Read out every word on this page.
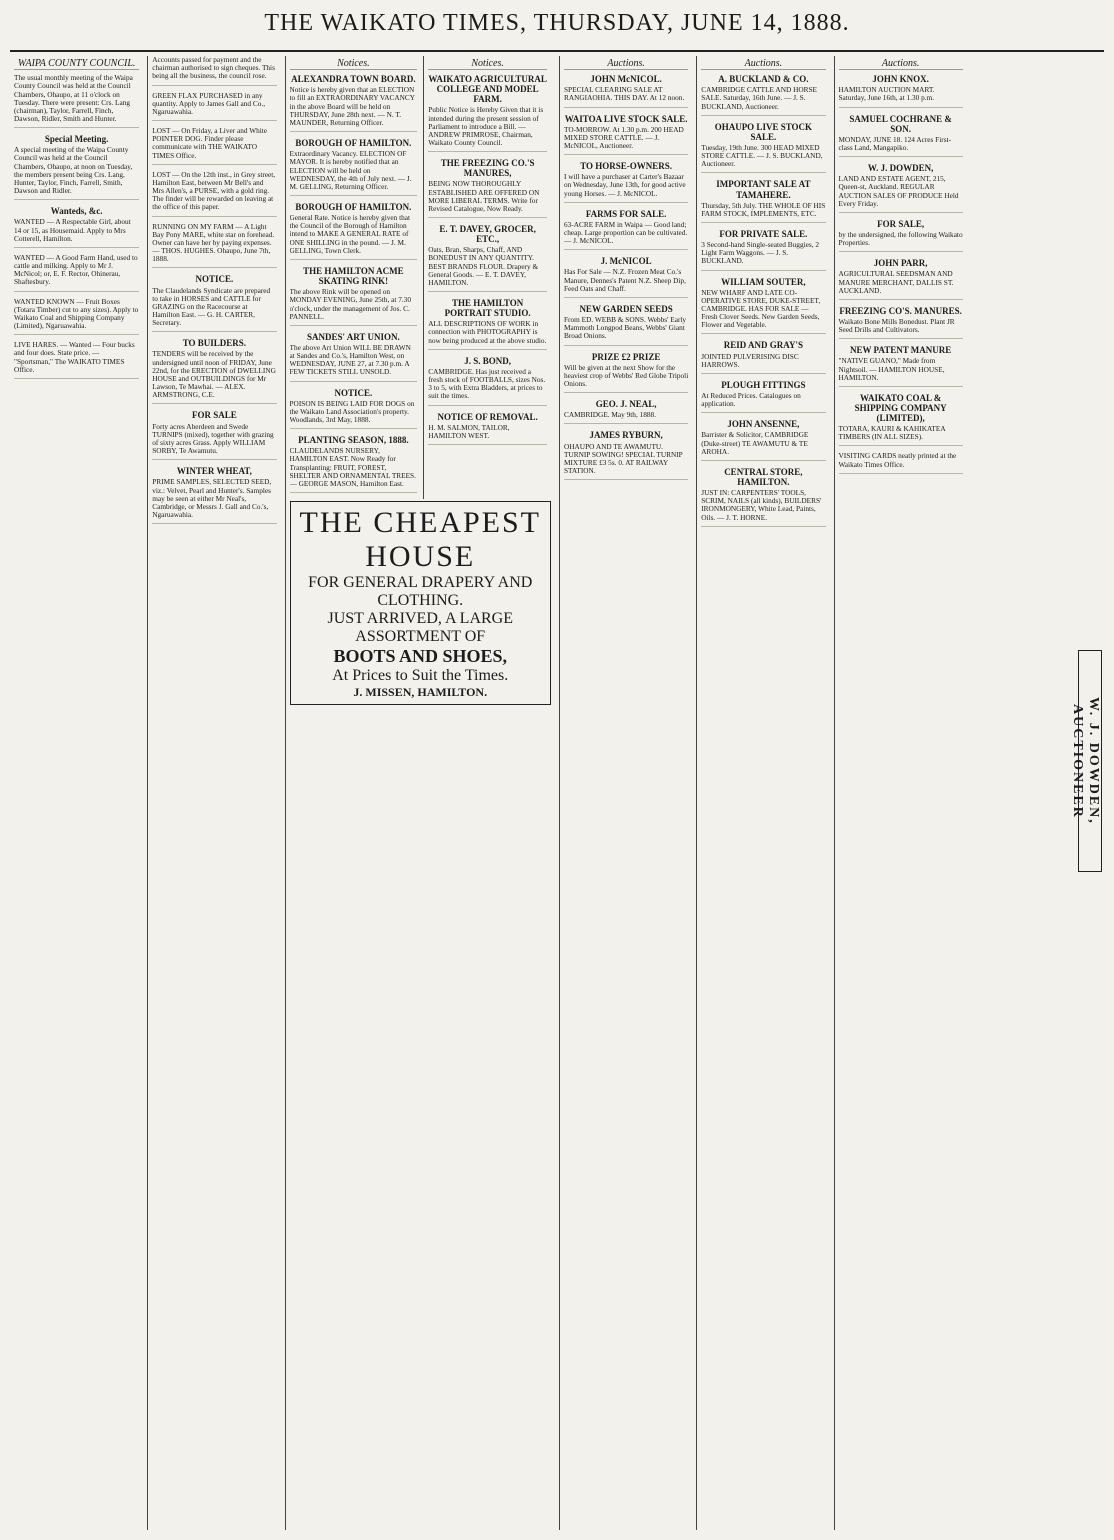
THE WAIKATO TIMES, THURSDAY, JUNE 14, 1888.
WAIPA COUNTY COUNCIL.
The usual monthly meeting of the Waipa County Council was held at the Council Chambers, Ohaupo, at 11 o'clock on Tuesday. There were present: Crs. Lang (chairman), Taylor, Farrell, Finch, Dawson, Ridler, Smith and Hunter.
Special Meeting.
A special meeting of the Waipa County Council was held at the Council Chambers, Ohaupo, at noon on Tuesday, the members present being Crs. Lang, Hunter, Taylor, Finch, Farrell, Smith, Dawson and Ridler.
Wanteds, &c.
WANTED — A Respectable Girl, about 14 or 15, as Housemaid. Apply to Mrs Cotterell, Hamilton.
WANTED — A Good Farm Hand, used to cattle and milking. Apply to Mr J. McNicol; or, E. F. Rector, Ohinerau, Shaftesbury.
WANTED KNOWN — Fruit Boxes (Totara Timber) cut to any sizes). Apply to Waikato Coal and Shipping Company (Limited), Ngaruawahia.
LIVE HARES. — Wanted — Four bucks and four does. State price. — "Sportsman," The WAIKATO TIMES Office.
Accounts passed for payment and the chairman authorised to sign cheques. This being all the business, the council rose.
GREEN FLAX PURCHASED in any quantity. Apply to James Gall and Co., Ngaruawahia.
LOST — On Friday, a Liver and White POINTER DOG. Finder please communicate with THE WAIKATO TIMES Office.
LOST — On the 12th inst., in Grey street, Hamilton East, between Mr Bell's and Mrs Allen's, a PURSE, with a gold ring. The finder will be rewarded on leaving at the office of this paper.
RUNNING ON MY FARM — A Light Bay Pony MARE, white star on forehead. Owner can have her by paying expenses. — THOS. HUGHES. Ohaupo, June 7th, 1888.
NOTICE.
The Claudelands Syndicate are prepared to take in HORSES and CATTLE for GRAZING on the Racecourse at Hamilton East. — G. H. CARTER, Secretary.
TO BUILDERS.
TENDERS will be received by the undersigned until noon of FRIDAY, June 22nd, for the ERECTION of DWELLING HOUSE and OUTBUILDINGS for Mr Lawson, Te Mawhai. — ALEX. ARMSTRONG, C.E.
FOR SALE
Forty acres Aberdeen and Swede TURNIPS (mixed), together with grazing of sixty acres Grass. Apply WILLIAM SORBY, Te Awamutu.
WINTER WHEAT,
PRIME SAMPLES, SELECTED SEED, viz.: Velvet, Pearl and Hunter's. Samples may be seen at either Mr Neal's, Cambridge, or Messrs J. Gall and Co.'s, Ngaruawahia.
Notices.
ALEXANDRA TOWN BOARD.
Notice is hereby given that an ELECTION to fill an EXTRAORDINARY VACANCY in the above Board will be held on THURSDAY, June 28th next. — N. T. MAUNDER, Returning Officer.
BOROUGH OF HAMILTON.
Extraordinary Vacancy. ELECTION OF MAYOR. It is hereby notified that an ELECTION will be held on WEDNESDAY, the 4th of July next. — J. M. GELLING, Returning Officer.
BOROUGH OF HAMILTON.
General Rate. Notice is hereby given that the Council of the Borough of Hamilton intend to MAKE A GENERAL RATE of ONE SHILLING in the pound. — J. M. GELLING, Town Clerk.
THE HAMILTON ACME SKATING RINK!
The above Rink will be opened on MONDAY EVENING, June 25th, at 7.30 o'clock, under the management of Jos. C. PANNELL.
SANDES' ART UNION.
The above Art Union WILL BE DRAWN at Sandes and Co.'s, Hamilton West, on WEDNESDAY, JUNE 27, at 7.30 p.m. A FEW TICKETS STILL UNSOLD.
NOTICE.
POISON IS BEING LAID FOR DOGS on the Waikato Land Association's property. Woodlands, 3rd May, 1888.
PLANTING SEASON, 1888.
CLAUDELANDS NURSERY, HAMILTON EAST. Now Ready for Transplanting: FRUIT, FOREST, SHELTER AND ORNAMENTAL TREES. — GEORGE MASON, Hamilton East.
Notices.
WAIKATO AGRICULTURAL COLLEGE AND MODEL FARM.
Public Notice is Hereby Given that it is intended during the present session of Parliament to introduce a Bill. — ANDREW PRIMROSE, Chairman, Waikato County Council.
THE FREEZING CO.'S MANURES,
BEING NOW THOROUGHLY ESTABLISHED ARE OFFERED ON MORE LIBERAL TERMS. Write for Revised Catalogue, Now Ready.
E. T. DAVEY, GROCER, ETC.,
Oats, Bran, Sharps, Chaff, AND BONEDUST IN ANY QUANTITY. BEST BRANDS FLOUR. Drapery & General Goods. — E. T. DAVEY, HAMILTON.
THE HAMILTON PORTRAIT STUDIO.
ALL DESCRIPTIONS OF WORK in connection with PHOTOGRAPHY is now being produced at the above studio.
J. S. BOND,
CAMBRIDGE. Has just received a fresh stock of FOOTBALLS, sizes Nos. 3 to 5, with Extra Bladders, at prices to suit the times.
NOTICE OF REMOVAL.
H. M. SALMON, TAILOR, HAMILTON WEST.
THE CHEAPEST HOUSE
FOR GENERAL DRAPERY AND CLOTHING.
JUST ARRIVED, A LARGE ASSORTMENT OF
BOOTS AND SHOES,
At Prices to Suit the Times.
J. MISSEN, HAMILTON.
Auctions.
JOHN McNICOL.
SPECIAL CLEARING SALE AT RANGIAOHIA. THIS DAY. At 12 noon.
WAITOA LIVE STOCK SALE.
TO-MORROW. At 1.30 p.m. 200 HEAD MIXED STORE CATTLE. — J. McNICOL, Auctioneer.
TO HORSE-OWNERS.
I will have a purchaser at Carter's Bazaar on Wednesday, June 13th, for good active young Horses. — J. McNICOL.
FARMS FOR SALE.
63-ACRE FARM in Waipa — Good land; cheap. Large proportion can be cultivated. — J. McNICOL.
J. McNICOL
Has For Sale — N.Z. Frozen Meat Co.'s Manure, Dennes's Patent N.Z. Sheep Dip, Feed Oats and Chaff.
NEW GARDEN SEEDS
From ED. WEBB & SONS. Webbs' Early Mammoth Longpod Beans, Webbs' Giant Broad Onions.
PRIZE £2 PRIZE
Will be given at the next Show for the heaviest crop of Webbs' Red Globe Tripoli Onions.
GEO. J. NEAL,
CAMBRIDGE. May 9th, 1888.
JAMES RYBURN,
OHAUPO AND TE AWAMUTU. TURNIP SOWING! SPECIAL TURNIP MIXTURE £3 5s. 0. AT RAILWAY STATION.
Auctions.
A. BUCKLAND & CO.
CAMBRIDGE CATTLE AND HORSE SALE. Saturday, 16th June. — J. S. BUCKLAND, Auctioneer.
OHAUPO LIVE STOCK SALE.
Tuesday, 19th June. 300 HEAD MIXED STORE CATTLE. — J. S. BUCKLAND, Auctioneer.
IMPORTANT SALE AT TAMAHERE.
Thursday, 5th July. THE WHOLE OF HIS FARM STOCK, IMPLEMENTS, ETC.
FOR PRIVATE SALE.
3 Second-hand Single-seated Buggies, 2 Light Farm Waggons. — J. S. BUCKLAND.
WILLIAM SOUTER,
NEW WHARF AND LATE CO-OPERATIVE STORE, DUKE-STREET, CAMBRIDGE. HAS FOR SALE — Fresh Clover Seeds. New Garden Seeds, Flower and Vegetable.
REID AND GRAY'S
JOINTED PULVERISING DISC HARROWS.
PLOUGH FITTINGS
At Reduced Prices. Catalogues on application.
JOHN ANSENNE,
Barrister & Solicitor, CAMBRIDGE (Duke-street) TE AWAMUTU & TE AROHA.
CENTRAL STORE, HAMILTON.
JUST IN: CARPENTERS' TOOLS, SCRIM, NAILS (all kinds), BUILDERS' IRONMONGERY, White Lead, Paints, Oils. — J. T. HORNE.
Auctions.
JOHN KNOX.
HAMILTON AUCTION MART. Saturday, June 16th, at 1.30 p.m.
SAMUEL COCHRANE & SON.
MONDAY, JUNE 18. 124 Acres First-class Land, Mangapiko.
W. J. DOWDEN,
LAND AND ESTATE AGENT, 215, Queen-st, Auckland. REGULAR AUCTION SALES OF PRODUCE Held Every Friday.
FOR SALE,
by the undersigned, the following Waikato Properties.
JOHN PARR,
AGRICULTURAL SEEDSMAN AND MANURE MERCHANT, DALLIS ST. AUCKLAND.
FREEZING CO'S. MANURES.
Waikato Bone Mills Bonedust. Plant JR Seed Drills and Cultivators.
NEW PATENT MANURE
"NATIVE GUANO," Made from Nightsoil. — HAMILTON HOUSE, HAMILTON.
WAIKATO COAL & SHIPPING COMPANY (LIMITED),
TOTARA, KAURI & KAHIKATEA TIMBERS (IN ALL SIZES).
VISITING CARDS neatly printed at the Waikato Times Office.
W. J. DOWDEN, AUCTIONEER
